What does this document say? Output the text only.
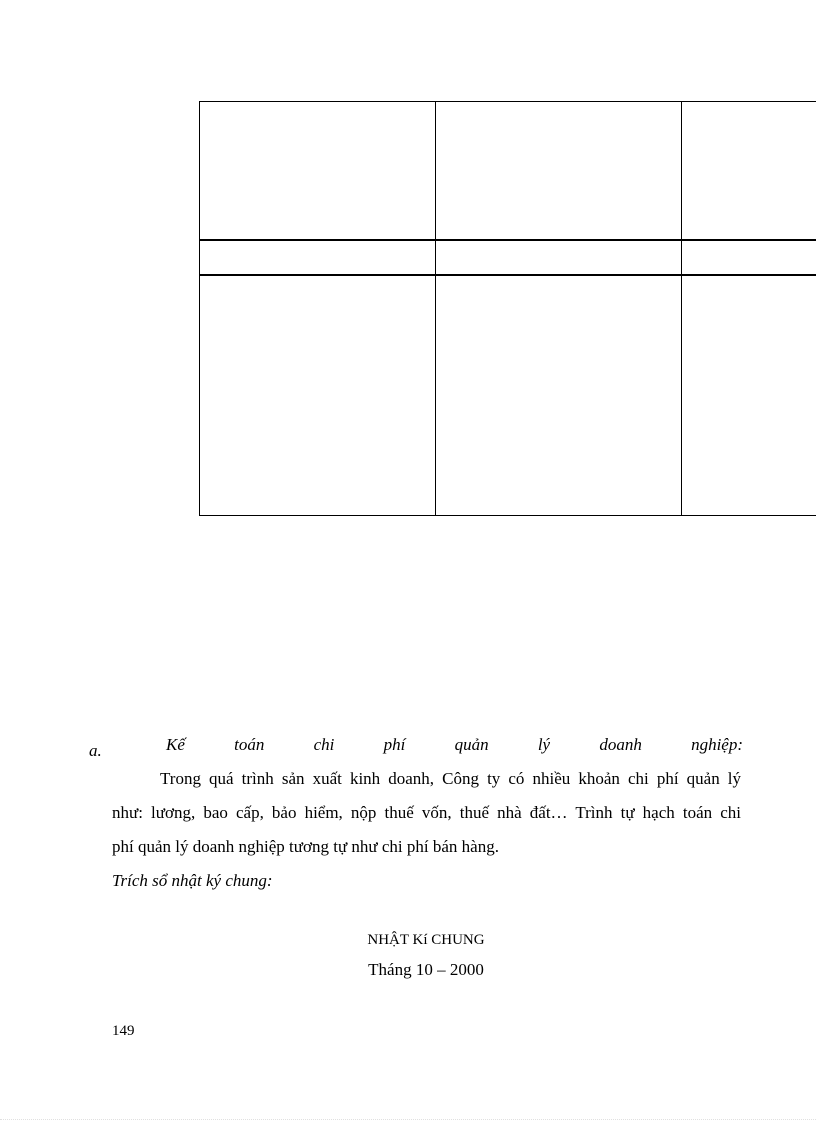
a.	Kế	toán	chi	phí	quản	lý	doanh	nghiệp:
Trong quá trình sản xuất kinh doanh, Công ty có nhiều khoản chi phí quản lý
như: lương, bao cấp, bảo hiểm, nộp thuế vốn, thuế nhà đất… Trình tự hạch toán chi
phí quản lý doanh nghiệp tương tự như chi phí bán hàng.
Trích sổ nhật ký chung:
NHẬT Kí CHUNG
Tháng 10 – 2000
149
